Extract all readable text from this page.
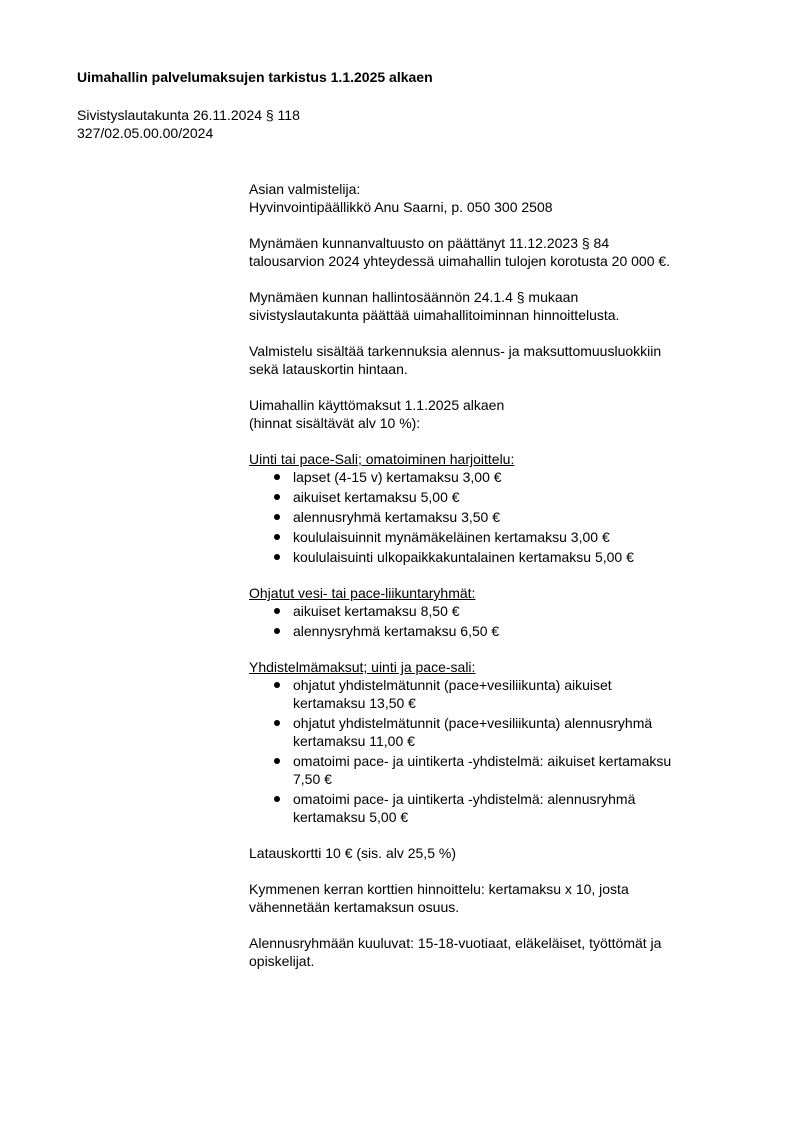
Uimahallin palvelumaksujen tarkistus 1.1.2025 alkaen

Sivistyslautakunta 26.11.2024 § 118
327/02.05.00.00/2024
Asian valmistelija:
Hyvinvointipäällikkö Anu Saarni, p. 050 300 2508
Mynämäen kunnanvaltuusto on päättänyt 11.12.2023 § 84
talousarvion 2024 yhteydessä uimahallin tulojen korotusta 20 000 €.
Mynämäen kunnan hallintosäännön 24.1.4 § mukaan
sivistyslautakunta päättää uimahallitoiminnan hinnoittelusta.
Valmistelu sisältää tarkennuksia alennus- ja maksuttomuusluokkiin
sekä latauskortin hintaan.
Uimahallin käyttömaksut 1.1.2025 alkaen
(hinnat sisältävät alv 10 %):
Uinti tai pace-Sali; omatoiminen harjoittelu:
lapset (4-15 v) kertamaksu 3,00 €
aikuiset kertamaksu 5,00 €
alennusryhmä kertamaksu 3,50 €
koululaisuinnit mynämäkeläinen kertamaksu 3,00 €
koululaisuinti ulkopaikkakuntalainen kertamaksu 5,00 €
Ohjatut vesi- tai pace-liikuntaryhmät:
aikuiset kertamaksu 8,50 €
alennysryhmä kertamaksu 6,50 €
Yhdistelmämaksut; uinti ja pace-sali:
ohjatut yhdistelmätunnit (pace+vesiliikunta) aikuiset
kertamaksu 13,50 €
ohjatut yhdistelmätunnit (pace+vesiliikunta) alennusryhmä
kertamaksu 11,00 €
omatoimi pace- ja uintikerta -yhdistelmä: aikuiset kertamaksu
7,50 €
omatoimi pace- ja uintikerta -yhdistelmä: alennusryhmä
kertamaksu 5,00 €
Latauskortti 10 € (sis. alv 25,5 %)
Kymmenen kerran korttien hinnoittelu: kertamaksu x 10, josta
vähennetään kertamaksun osuus.
Alennusryhmään kuuluvat: 15-18-vuotiaat, eläkeläiset, työttömät ja
opiskelijat.
